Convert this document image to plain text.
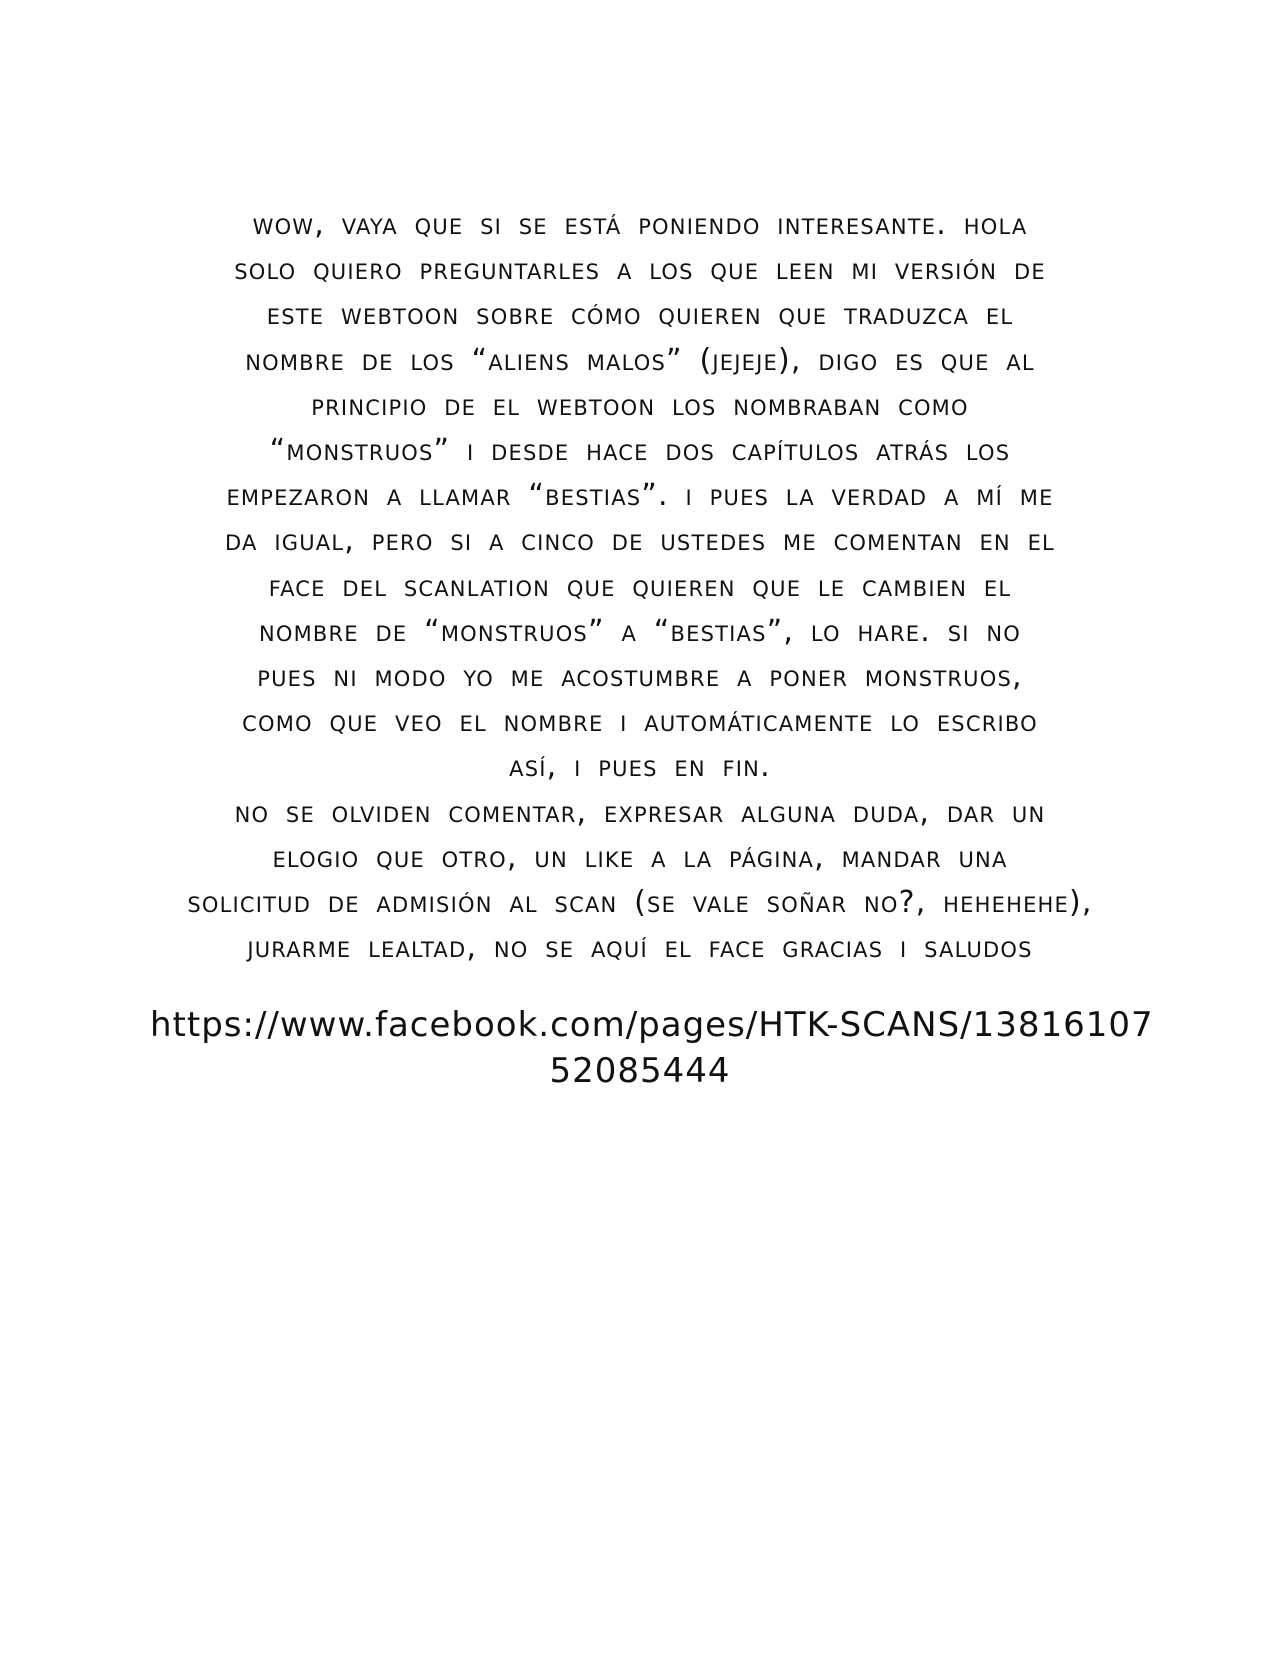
wow, vaya que si se está poniendo interesante. hola
solo quiero preguntarles a los que leen mi versión de
este webtoon sobre cómo quieren que traduzca el
nombre de los “aliens malos” (jejeje), digo es que al
principio de el webtoon los nombraban como
“monstruos” i desde hace dos capítulos atrás los
empezaron a llamar “bestias”. i pues la verdad a mí me
da igual, pero si a cinco de ustedes me comentan en el
face del scanlation que quieren que le cambien el
nombre de “monstruos” a “bestias”, lo hare. si no
pues ni modo yo me acostumbre a poner monstruos,
como que veo el nombre i automáticamente lo escribo
así, i pues en fin.
no se olviden comentar, expresar alguna duda, dar un
elogio que otro, un like a la página, mandar una
solicitud de admisión al scan (se vale soñar no?, hehehehe),
jurarme lealtad, no se aquí el face gracias i saludos
https://www.facebook.com/pages/HTK-SCANS/13816107
52085444
